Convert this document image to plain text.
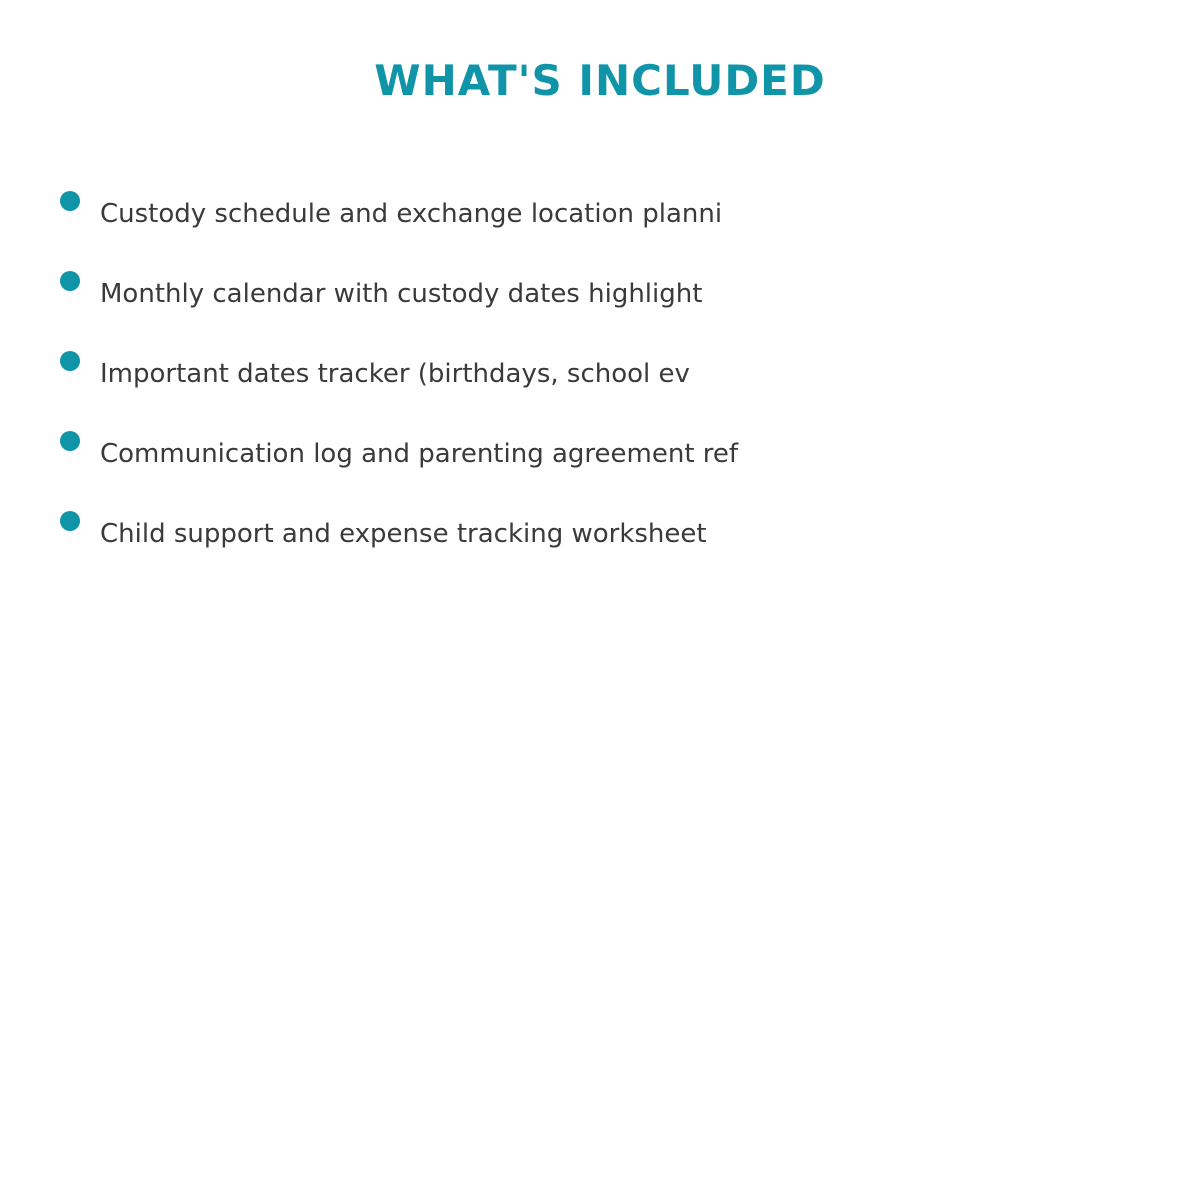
WHAT'S INCLUDED
Custody schedule and exchange location planni
Monthly calendar with custody dates highlight
Important dates tracker (birthdays, school ev
Communication log and parenting agreement ref
Child support and expense tracking worksheet
